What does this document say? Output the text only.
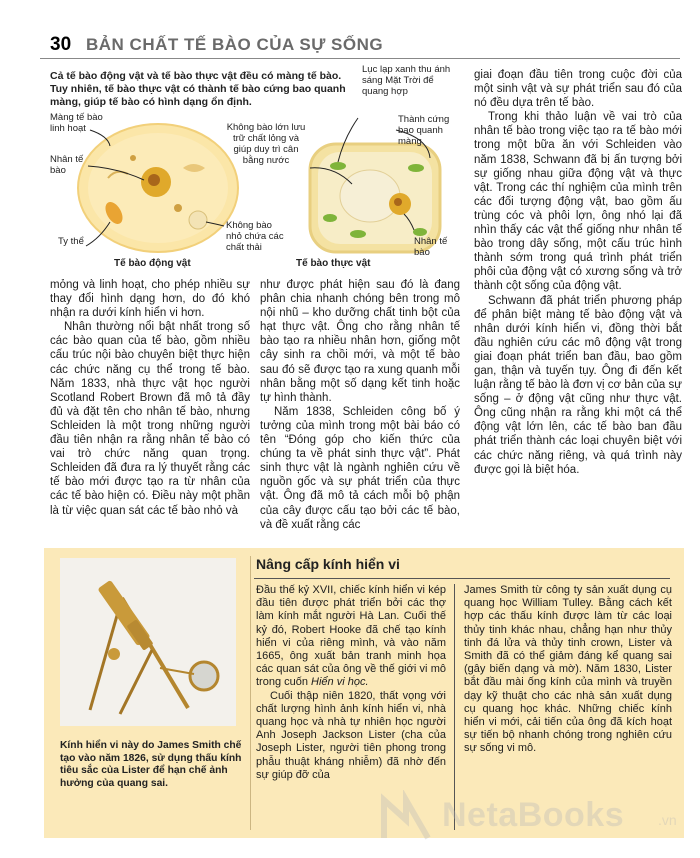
30 BẢN CHẤT TẾ BÀO CỦA SỰ SỐNG
Cả tế bào động vật và tế bào thực vật đều có màng tế bào. Tuy nhiên, tế bào thực vật có thành tế bào cứng bao quanh màng, giúp tế bào có hình dạng ổn định.
Màng tế bào linh hoạt
Nhân tế bào
Ty thể
Không bào nhỏ chứa các chất thải
Không bào lớn lưu trữ chất lỏng và giúp duy trì cân bằng nước
Lục lạp xanh thu ánh sáng Mặt Trời để quang hợp
Thành cứng bao quanh màng
Nhân tế bào
Tế bào động vật	Tế bào thực vật

giai đoạn đầu tiên trong cuộc đời của một sinh vật và sự phát triển sau đó của nó đều dựa trên tế bào.

Trong khi thảo luận về vai trò của nhân tế bào trong việc tạo ra tế bào mới trong một bữa ăn với Schleiden vào năm 1838, Schwann đã bị ấn tượng bởi sự giống nhau giữa động vật và thực vật. Trong các thí nghiệm của mình trên các đối tượng động vật, bao gồm ấu trùng cóc và phôi lợn, ông nhó lại đã nhìn thấy các vật thể giống như nhân tế bào trong dây sống, một cấu trúc hình thành sớm trong quá trình phát triển phôi của động vật có xương sống và trở thành cột sống của động vật.

Schwann đã phát triển phương pháp để phân biệt màng tế bào động vật và nhân dưới kính hiển vi, đồng thời bắt đầu nghiên cứu các mô động vật trong giai đoạn phát triển ban đầu, bao gồm gan, thận và tuyến tụy. Ông đi đến kết luận rằng tế bào là đơn vị cơ bản của sự sống – ở động vật cũng như thực vật. Ông cũng nhận ra rằng khi một cá thể động vật lớn lên, các tế bào ban đầu phát triển thành các loại chuyên biệt với các chức năng riêng, và quá trình này được gọi là biệt hóa.

mỏng và linh hoạt, cho phép nhiều sự thay đổi hình dạng hơn, do đó khó nhận ra dưới kính hiển vi hơn.

Nhân thường nổi bật nhất trong số các bào quan của tế bào, gồm nhiều cấu trúc nội bào chuyên biệt thực hiện các chức năng cụ thể trong tế bào. Năm 1833, nhà thực vật học người Scotland Robert Brown đã mô tả đầy đủ và đặt tên cho nhân tế bào, nhưng Schleiden là một trong những người đầu tiên nhận ra rằng nhân tế bào có vai trò chức năng quan trọng. Schleiden đã đưa ra lý thuyết rằng các tế bào mới được tạo ra từ nhân của các tế bào hiện có. Điều này một phần là từ việc quan sát các tế bào nhỏ và

như được phát hiện sau đó là đang phân chia nhanh chóng bên trong mô nội nhũ – kho dưỡng chất tinh bột của hạt thực vật. Ông cho rằng nhân tế bào tạo ra nhiều nhân hơn, giống một cây sinh ra chồi mới, và một tế bào sau đó sẽ được tạo ra xung quanh mỗi nhân bằng một số dạng kết tinh hoặc tự hình thành.

Năm 1838, Schleiden công bố ý tưởng của mình trong một bài báo có tên “Đóng góp cho kiến thức của chúng ta về phát sinh thực vật”. Phát sinh thực vật là ngành nghiên cứu về nguồn gốc và sự phát triển của thực vật. Ông đã mô tả cách mỗi bộ phận của cây được cấu tạo bởi các tế bào, và đề xuất rằng các

Kính hiển vi này do James Smith chế tạo vào năm 1826, sử dụng thấu kính tiêu sắc của Lister để hạn chế ảnh hưởng của quang sai.
Nâng cấp kính hiển vi

Đầu thế kỷ XVII, chiếc kính hiển vi kép đầu tiên được phát triển bởi các thợ làm kính mắt người Hà Lan. Cuối thế kỷ đó, Robert Hooke đã chế tạo kính hiển vi của riêng mình, và vào năm 1665, ông xuất bản tranh minh họa các quan sát của ông về thế giới vi mô trong cuốn Hiển vi học.

Cuối thập niên 1820, thất vọng với chất lượng hình ảnh kính hiển vi, nhà quang học và nhà tự nhiên học người Anh Joseph Jackson Lister (cha của Joseph Lister, người tiên phong trong phẫu thuật kháng nhiễm) đã nhờ đến sự giúp đỡ của

James Smith từ công ty sản xuất dụng cụ quang học William Tulley. Bằng cách kết hợp các thấu kính được làm từ các loại thủy tinh khác nhau, chẳng hạn như thủy tinh đá lửa và thủy tinh crown, Lister và Smith đã có thể giảm đáng kể quang sai (gây biến dạng và mờ). Năm 1830, Lister bắt đầu mài ống kính của mình và truyền dạy kỹ thuật cho các nhà sản xuất dụng cụ quang học khác. Những chiếc kính hiển vi mới, cải tiến của ông đã kích hoạt sự tiến bộ nhanh chóng trong nghiên cứu sự sống vi mô.

NetaBooks .vn
